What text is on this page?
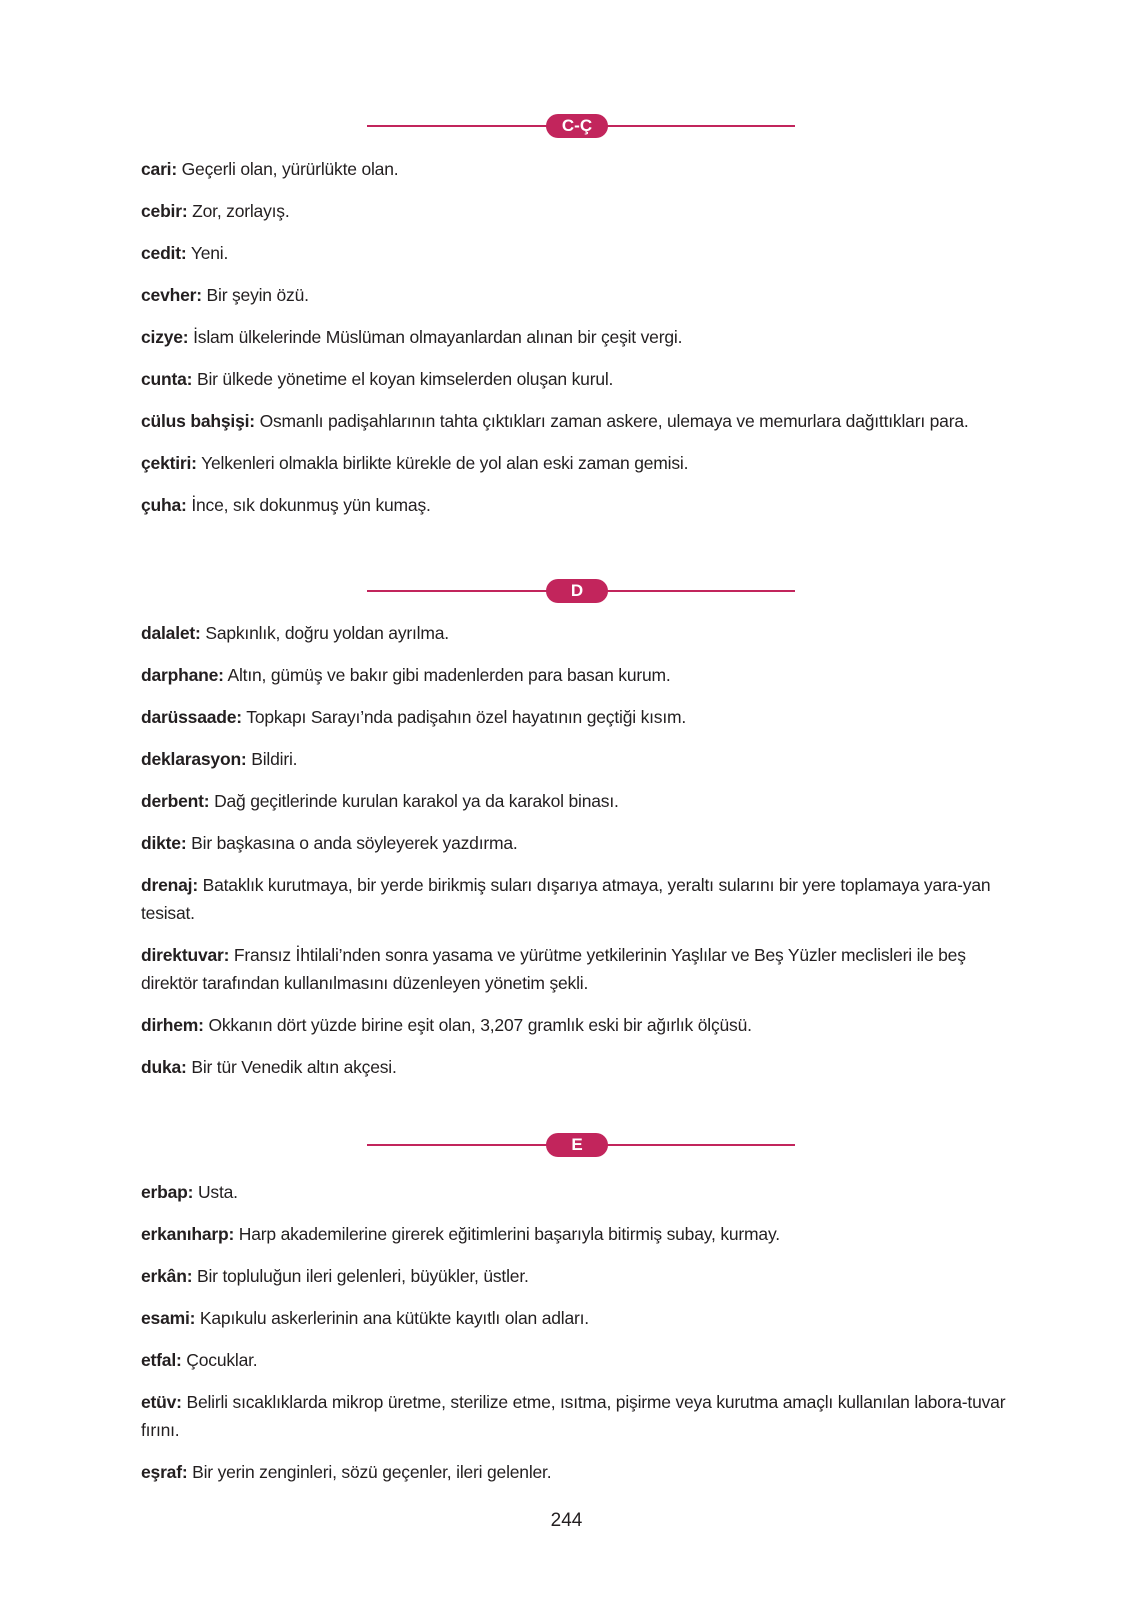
C-Ç
cari: Geçerli olan, yürürlükte olan.
cebir: Zor, zorlayış.
cedit: Yeni.
cevher: Bir şeyin özü.
cizye: İslam ülkelerinde Müslüman olmayanlardan alınan bir çeşit vergi.
cunta: Bir ülkede yönetime el koyan kimselerden oluşan kurul.
cülus bahşişi: Osmanlı padişahlarının tahta çıktıkları zaman askere, ulemaya ve memurlara dağıttıkları para.
çektiri: Yelkenleri olmakla birlikte kürekle de yol alan eski zaman gemisi.
çuha: İnce, sık dokunmuş yün kumaş.
D
dalalet: Sapkınlık, doğru yoldan ayrılma.
darphane: Altın, gümüş ve bakır gibi madenlerden para basan kurum.
darüssaade: Topkapı Sarayı’nda padişahın özel hayatının geçtiği kısım.
deklarasyon: Bildiri.
derbent: Dağ geçitlerinde kurulan karakol ya da karakol binası.
dikte: Bir başkasına o anda söyleyerek yazdırma.
drenaj: Bataklık kurutmaya, bir yerde birikmiş suları dışarıya atmaya, yeraltı sularını bir yere toplamaya yara-yan tesisat.
direktuvar: Fransız İhtilali’nden sonra yasama ve yürütme yetkilerinin Yaşlılar ve Beş Yüzler meclisleri ile beş direktör tarafından kullanılmasını düzenleyen yönetim şekli.
dirhem: Okkanın dört yüzde birine eşit olan, 3,207 gramlık eski bir ağırlık ölçüsü.
duka: Bir tür Venedik altın akçesi.
E
erbap: Usta.
erkanıharp: Harp akademilerine girerek eğitimlerini başarıyla bitirmiş subay, kurmay.
erkân: Bir topluluğun ileri gelenleri, büyükler, üstler.
esami: Kapıkulu askerlerinin ana kütükte kayıtlı olan adları.
etfal: Çocuklar.
etüv: Belirli sıcaklıklarda mikrop üretme, sterilize etme, ısıtma, pişirme veya kurutma amaçlı kullanılan labora-tuvar fırını.
eşraf: Bir yerin zenginleri, sözü geçenler, ileri gelenler.
244
